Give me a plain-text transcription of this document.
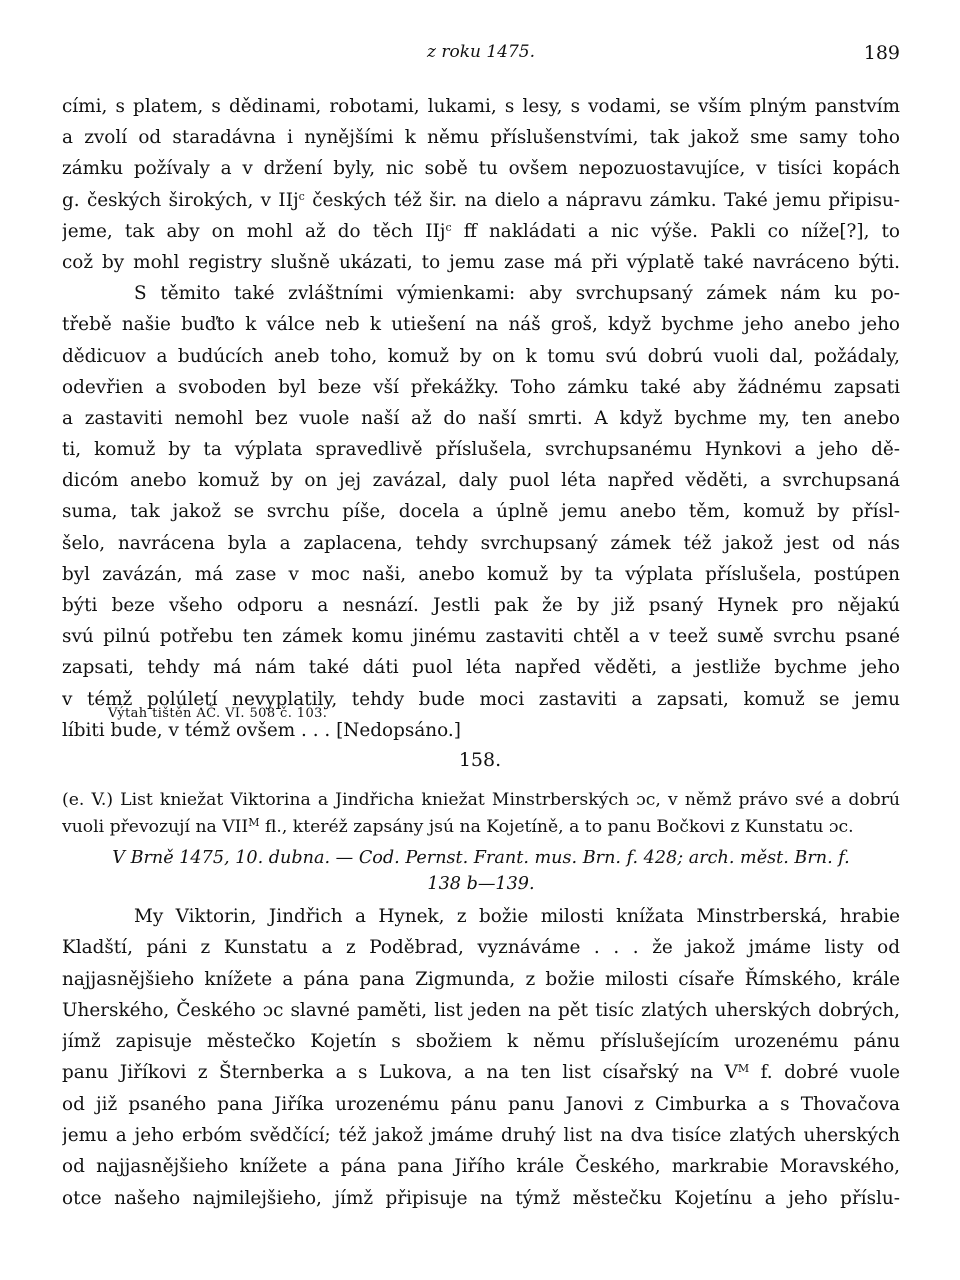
z roku 1475.	189
cími, s platem, s dědinami, robotami, lukami, s lesy, s vodami, se vším plným panstvím
a zvolí od staradávna i nynějšími k němu příslušenstvími, tak jakož sme samy toho
zámku požívaly a v držení byly, nic sobě tu ovšem nepozuostavujíce, v tisíci kopách
g. českých širokých, v IIj$^c$ českých též šir. na dielo a nápravu zámku. Také jemu připisu-
jeme, tak aby on mohl až do těch IIj$^c$ ff nakládati a nic výše. Pakli co níže[?], to
což by mohl registry slušně ukázati, to jemu zase má při výplatě také navráceno býti.
S těmito také zvláštními výmienkami: aby svrchupsaný zámek nám ku po-
třebě našie buďto k válce neb k utiešení na náš groš, když bychme jeho anebo jeho
dědicuov a budúcích aneb toho, komuž by on k tomu svú dobrú vuoli dal, požádaly,
odevřien a svoboden byl beze vší překážky. Toho zámku také aby žádnému zapsati
a zastaviti nemohl bez vuole naší až do naší smrti. A když bychme my, ten anebo
ti, komuž by ta výplata spravedlivě příslušela, svrchupsanému Hynkovi a jeho dě-
dicóm anebo komuž by on jej zavázal, daly puol léta napřed věděti, a svrchupsaná
suma, tak jakož se svrchu píše, docela a úplně jemu anebo těm, komuž by přísl-
šelo, navrácena byla a zaplacena, tehdy svrchupsaný zámek též jakož jest od nás
byl zavázán, má zase v moc naši, anebo komuž by ta výplata příslušela, postúpen
býti beze všeho odporu a nesnází. Jestli pak že by již psaný Hynek pro nějakú
svú pilnú potřebu ten zámek komu jinému zastaviti chtěl a v teež suмě svrchu psané
zapsati, tehdy má nám také dáti puol léta napřed věděti, a jestliže bychme jeho
v témž polúletí nevyplatily, tehdy bude moci zastaviti a zapsati, komuž se jemu
líbiti bude, v témž ovšem . . . [Nedopsáno.]
Výtah tištěn AČ. VI. 508 č. 103.
158.
(e. V.) List kniežat Viktorina a Jindřicha kniežat Minstrberských ɔc, v němž právo své a dobrú
vuoli převozují na $VII^M$ fl., kteréž zapsány jsú na Kojetíně, a to panu Bočkovi z Kunstatu ɔc.
V Brně 1475, 10. dubna. — Cod. Pernst. Frant. mus. Brn. f. 428; arch. měst. Brn. f.
138 b—139.
My Viktorin, Jindřich a Hynek, z božie milosti knížata Minstrberská, hrabie
Kladští, páni z Kunstatu a z Poděbrad, vyznáváme . . . že jakož jmáme listy od
najjasnějšieho knížete a pána pana Zigmunda, z božie milosti císaře Římského, krále
Uherského, Českého ɔc slavné paměti, list jeden na pět tisíc zlatých uherských dobrých,
jímž zapisuje městečko Kojetín s sbožiem k němu příslušejícím urozenému pánu
panu Jiříkovi z Šternberka a s Lukova, a na ten list císařský na $V^M$ f. dobré vuole
od již psaného pana Jiříka urozenému pánu panu Janovi z Cimburka a s Thovačova
jemu a jeho erbóm svědčící; též jakož jmáme druhý list na dva tisíce zlatých uherských
od najjasnějšieho knížete a pána pana Jiřího krále Českého, markrabie Moravského,
otce našeho najmilejšieho, jímž připisuje na týmž městečku Kojetínu a jeho příslu-
